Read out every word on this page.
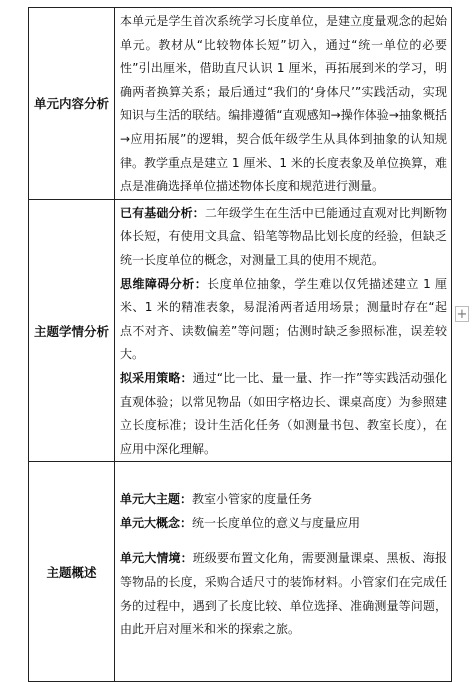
单元内容分析	本单元是学生首次系统学习长度单位，是建立度量观念的起始单元。教材从“比较物体长短”切入，通过“统一单位的必要性”引出厘米，借助直尺认识 1 厘米，再拓展到米的学习，明确两者换算关系；最后通过“我们的‘身体尺’”实践活动，实现知识与生活的联结。编排遵循“直观感知→操作体验→抽象概括→应用拓展”的逻辑，契合低年级学生从具体到抽象的认知规律。教学重点是建立 1 厘米、1 米的长度表象及单位换算，难点是准确选择单位描述物体长度和规范进行测量。

主题学情分析	已有基础分析：二年级学生在生活中已能通过直观对比判断物体长短，有使用文具盒、铅笔等物品比划长度的经验，但缺乏统一长度单位的概念，对测量工具的使用不规范。

思维障碍分析：长度单位抽象，学生难以仅凭描述建立 1 厘米、1 米的精准表象，易混淆两者适用场景；测量时存在“起点不对齐、读数偏差”等问题；估测时缺乏参照标准，误差较大。

拟采用策略：通过“比一比、量一量、拃一拃”等实践活动强化直观体验；以常见物品（如田字格边长、课桌高度）为参照建立长度标准；设计生活化任务（如测量书包、教室长度），在应用中深化理解。

主题概述	单元大主题：教室小管家的度量任务

单元大概念：统一长度单位的意义与度量应用

单元大情境：班级要布置文化角，需要测量课桌、黑板、海报等物品的长度，采购合适尺寸的装饰材料。小管家们在完成任务的过程中，遇到了长度比较、单位选择、准确测量等问题，由此开启对厘米和米的探索之旅。

+
